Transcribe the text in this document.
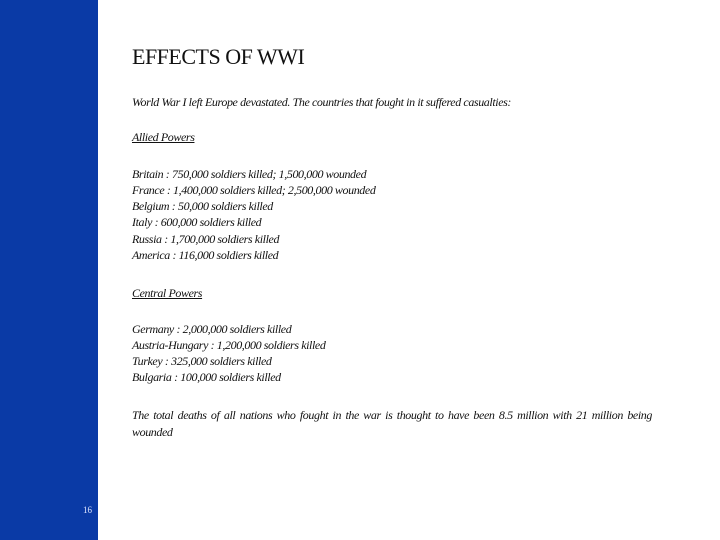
16
EFFECTS OF WWI
World War I left Europe devastated. The countries that fought in it suffered casualties:
Allied Powers
Britain : 750,000 soldiers killed; 1,500,000 wounded
France : 1,400,000 soldiers killed; 2,500,000 wounded
Belgium : 50,000 soldiers killed
Italy : 600,000 soldiers killed
Russia : 1,700,000 soldiers killed
America : 116,000 soldiers killed
Central Powers
Germany : 2,000,000 soldiers killed
Austria-Hungary : 1,200,000 soldiers killed
Turkey : 325,000 soldiers killed
Bulgaria : 100,000 soldiers killed
The total deaths of all nations who fought in the war is thought to have been 8.5 million with 21 million being wounded
